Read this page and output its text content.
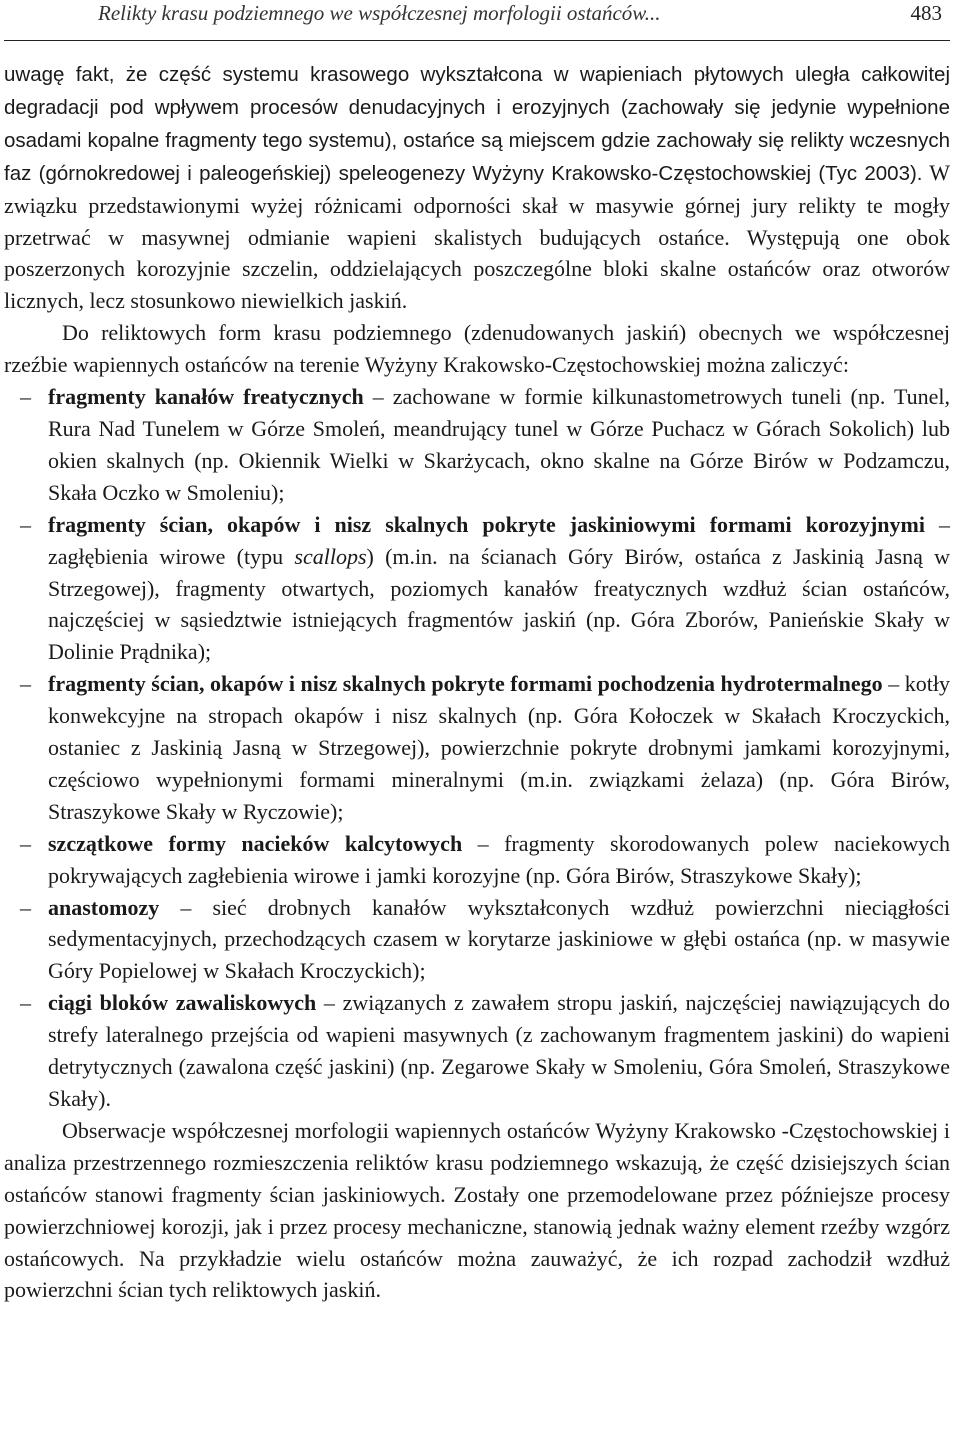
Relikty krasu podziemnego we współczesnej morfologii ostańców...	483

uwagę fakt, że część systemu krasowego wykształcona w wapieniach płytowych uległa całkowitej degradacji pod wpływem procesów denudacyjnych i erozyjnych (zachowały się jedynie wypełnione osadami kopalne fragmenty tego systemu), ostańce są miejscem gdzie zachowały się relikty wczesnych faz (górnokredowej i paleogeńskiej) speleogenezy Wyżyny Krakowsko-Częstochowskiej (Tyc 2003). W związku przedstawionymi wyżej różnicami odporności skał w masywie górnej jury relikty te mogły przetrwać w masywnej odmianie wapieni skalistych budujących ostańce. Występują one obok poszerzonych korozyjnie szczelin, oddzielających poszczególne bloki skalne ostańców oraz otworów licznych, lecz stosunkowo niewielkich jaskiń.

Do reliktowych form krasu podziemnego (zdenudowanych jaskiń) obecnych we współczesnej rzeźbie wapiennych ostańców na terenie Wyżyny Krakowsko-Częstochowskiej można zaliczyć:

– fragmenty kanałów freatycznych – zachowane w formie kilkunastometrowych tuneli (np. Tunel, Rura Nad Tunelem w Górze Smoleń, meandrujący tunel w Górze Puchacz w Górach Sokolich) lub okien skalnych (np. Okiennik Wielki w Skarżycach, okno skalne na Górze Birów w Podzamczu, Skała Oczko w Smoleniu);
– fragmenty ścian, okapów i nisz skalnych pokryte jaskiniowymi formami korozyjnymi – zagłębienia wirowe (typu scallops) (m.in. na ścianach Góry Birów, ostańca z Jaskinią Jasną w Strzegowej), fragmenty otwartych, poziomych kanałów freatycznych wzdłuż ścian ostańców, najczęściej w sąsiedztwie istniejących fragmentów jaskiń (np. Góra Zborów, Panieńskie Skały w Dolinie Prądnika);
– fragmenty ścian, okapów i nisz skalnych pokryte formami pochodzenia hydrotermalnego – kotły konwekcyjne na stropach okapów i nisz skalnych (np. Góra Kołoczek w Skałach Kroczyckich, ostaniec z Jaskinią Jasną w Strzegowej), powierzchnie pokryte drobnymi jamkami korozyjnymi, częściowo wypełnionymi formami mineralnymi (m.in. związkami żelaza) (np. Góra Birów, Straszykowe Skały w Ryczowie);
– szczątkowe formy nacieków kalcytowych – fragmenty skorodowanych polew naciekowych pokrywających zagłebienia wirowe i jamki korozyjne (np. Góra Birów, Straszykowe Skały);
– anastomozy – sieć drobnych kanałów wykształconych wzdłuż powierzchni nieciągłości sedymentacyjnych, przechodzących czasem w korytarze jaskiniowe w głębi ostańca (np. w masywie Góry Popielowej w Skałach Kroczyckich);
– ciągi bloków zawaliskowych – związanych z zawałem stropu jaskiń, najczęściej nawiązujących do strefy lateralnego przejścia od wapieni masywnych (z zachowanym fragmentem jaskini) do wapieni detrytycznych (zawalona część jaskini) (np. Zegarowe Skały w Smoleniu, Góra Smoleń, Straszykowe Skały).

Obserwacje współczesnej morfologii wapiennych ostańców Wyżyny Krakowsko -Częstochowskiej i analiza przestrzennego rozmieszczenia reliktów krasu podziemnego wskazują, że część dzisiejszych ścian ostańców stanowi fragmenty ścian jaskiniowych. Zostały one przemodelowane przez późniejsze procesy powierzchniowej korozji, jak i przez procesy mechaniczne, stanowią jednak ważny element rzeźby wzgórz ostańcowych. Na przykładzie wielu ostańców można zauważyć, że ich rozpad zachodził wzdłuż powierzchni ścian tych reliktowych jaskiń.
